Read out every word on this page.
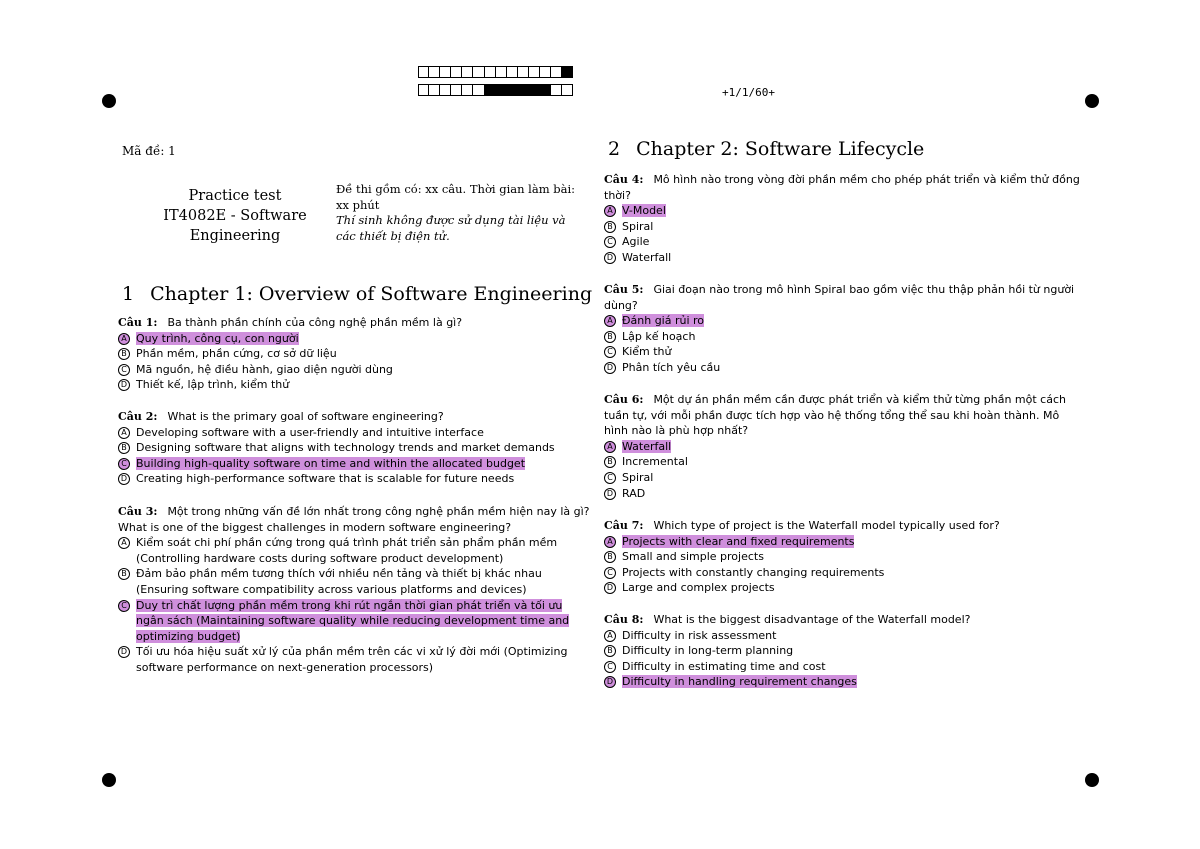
+1/1/60+
Mã đề: 1
Practice test
IT4082E - Software
Engineering
Đề thi gồm có: xx câu. Thời gian làm bài: xx phút
Thí sinh không được sử dụng tài liệu và các thiết bị điện tử.
1 Chapter 1: Overview of Software Engineering
2 Chapter 2: Software Lifecycle
Câu 1: Ba thành phần chính của công nghệ phần mềm là gì?
A Quy trình, công cụ, con người
B Phần mềm, phần cứng, cơ sở dữ liệu
C Mã nguồn, hệ điều hành, giao diện người dùng
D Thiết kế, lập trình, kiểm thử
Câu 2: What is the primary goal of software engineering?
A Developing software with a user-friendly and intuitive interface
B Designing software that aligns with technology trends and market demands
C Building high-quality software on time and within the allocated budget
D Creating high-performance software that is scalable for future needs
Câu 3: Một trong những vấn đề lớn nhất trong công nghệ phần mềm hiện nay là gì? What is one of the biggest challenges in modern software engineering?
A Kiểm soát chi phí phần cứng trong quá trình phát triển sản phẩm phần mềm (Controlling hardware costs during software product development)
B Đảm bảo phần mềm tương thích với nhiều nền tảng và thiết bị khác nhau (Ensuring software compatibility across various platforms and devices)
C Duy trì chất lượng phần mềm trong khi rút ngắn thời gian phát triển và tối ưu ngân sách (Maintaining software quality while reducing development time and optimizing budget)
D Tối ưu hóa hiệu suất xử lý của phần mềm trên các vi xử lý đời mới (Optimizing software performance on next-generation processors)
Câu 4: Mô hình nào trong vòng đời phần mềm cho phép phát triển và kiểm thử đồng thời?
A V-Model
B Spiral
C Agile
D Waterfall
Câu 5: Giai đoạn nào trong mô hình Spiral bao gồm việc thu thập phản hồi từ người dùng?
A Đánh giá rủi ro
B Lập kế hoạch
C Kiểm thử
D Phân tích yêu cầu
Câu 6: Một dự án phần mềm cần được phát triển và kiểm thử từng phần một cách tuần tự, với mỗi phần được tích hợp vào hệ thống tổng thể sau khi hoàn thành. Mô hình nào là phù hợp nhất?
A Waterfall
B Incremental
C Spiral
D RAD
Câu 7: Which type of project is the Waterfall model typically used for?
A Projects with clear and fixed requirements
B Small and simple projects
C Projects with constantly changing requirements
D Large and complex projects
Câu 8: What is the biggest disadvantage of the Waterfall model?
A Difficulty in risk assessment
B Difficulty in long-term planning
C Difficulty in estimating time and cost
D Difficulty in handling requirement changes
